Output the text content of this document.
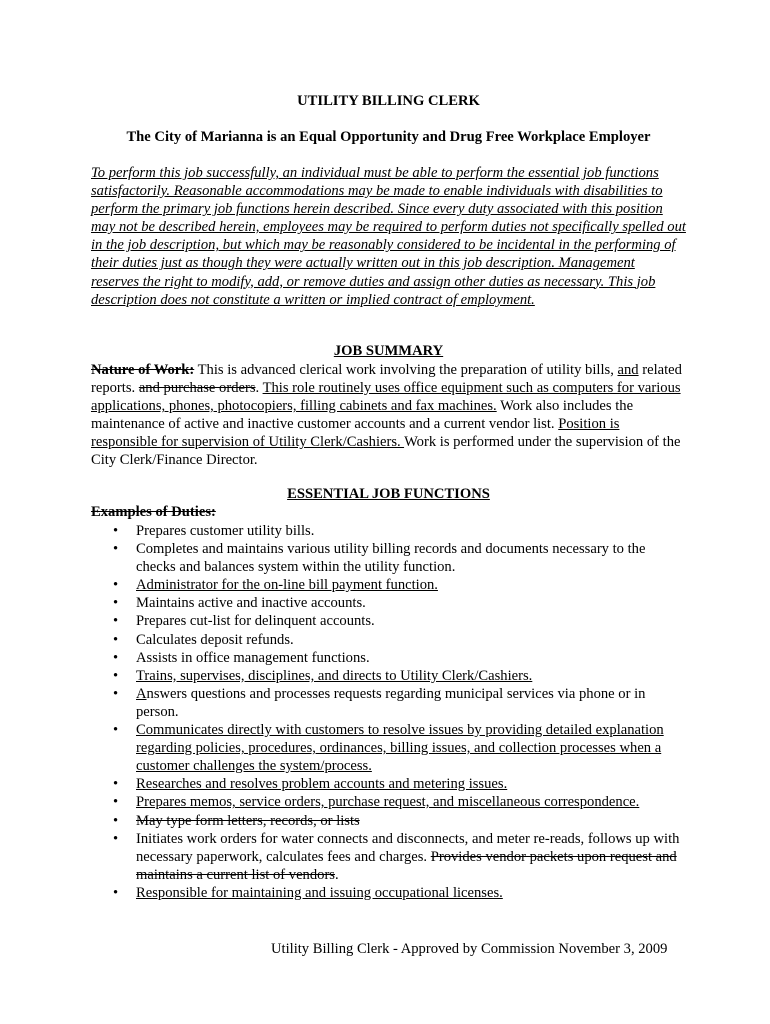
UTILITY BILLING CLERK
The City of Marianna is an Equal Opportunity and Drug Free Workplace Employer
To perform this job successfully, an individual must be able to perform the essential job functions satisfactorily. Reasonable accommodations may be made to enable individuals with disabilities to perform the primary job functions herein described. Since every duty associated with this position may not be described herein, employees may be required to perform duties not specifically spelled out in the job description, but which may be reasonably considered to be incidental in the performing of their duties just as though they were actually written out in this job description. Management reserves the right to modify, add, or remove duties and assign other duties as necessary. This job description does not constitute a written or implied contract of employment.
JOB SUMMARY
Nature of Work: This is advanced clerical work involving the preparation of utility bills, and related reports. and purchase orders. This role routinely uses office equipment such as computers for various applications, phones, photocopiers, filling cabinets and fax machines. Work also includes the maintenance of active and inactive customer accounts and a current vendor list. Position is responsible for supervision of Utility Clerk/Cashiers. Work is performed under the supervision of the City Clerk/Finance Director.
ESSENTIAL JOB FUNCTIONS
Examples of Duties:
• Prepares customer utility bills.
• Completes and maintains various utility billing records and documents necessary to the checks and balances system within the utility function.
• Administrator for the on-line bill payment function.
• Maintains active and inactive accounts.
• Prepares cut-list for delinquent accounts.
• Calculates deposit refunds.
• Assists in office management functions.
• Trains, supervises, disciplines, and directs to Utility Clerk/Cashiers.
• Answers questions and processes requests regarding municipal services via phone or in person.
• Communicates directly with customers to resolve issues by providing detailed explanation regarding policies, procedures, ordinances, billing issues, and collection processes when a customer challenges the system/process.
• Researches and resolves problem accounts and metering issues.
• Prepares memos, service orders, purchase request, and miscellaneous correspondence.
• May type form letters, records, or lists
• Initiates work orders for water connects and disconnects, and meter re-reads, follows up with necessary paperwork, calculates fees and charges. Provides vendor packets upon request and maintains a current list of vendors.
• Responsible for maintaining and issuing occupational licenses.
Utility Billing Clerk - Approved by Commission November 3, 2009
